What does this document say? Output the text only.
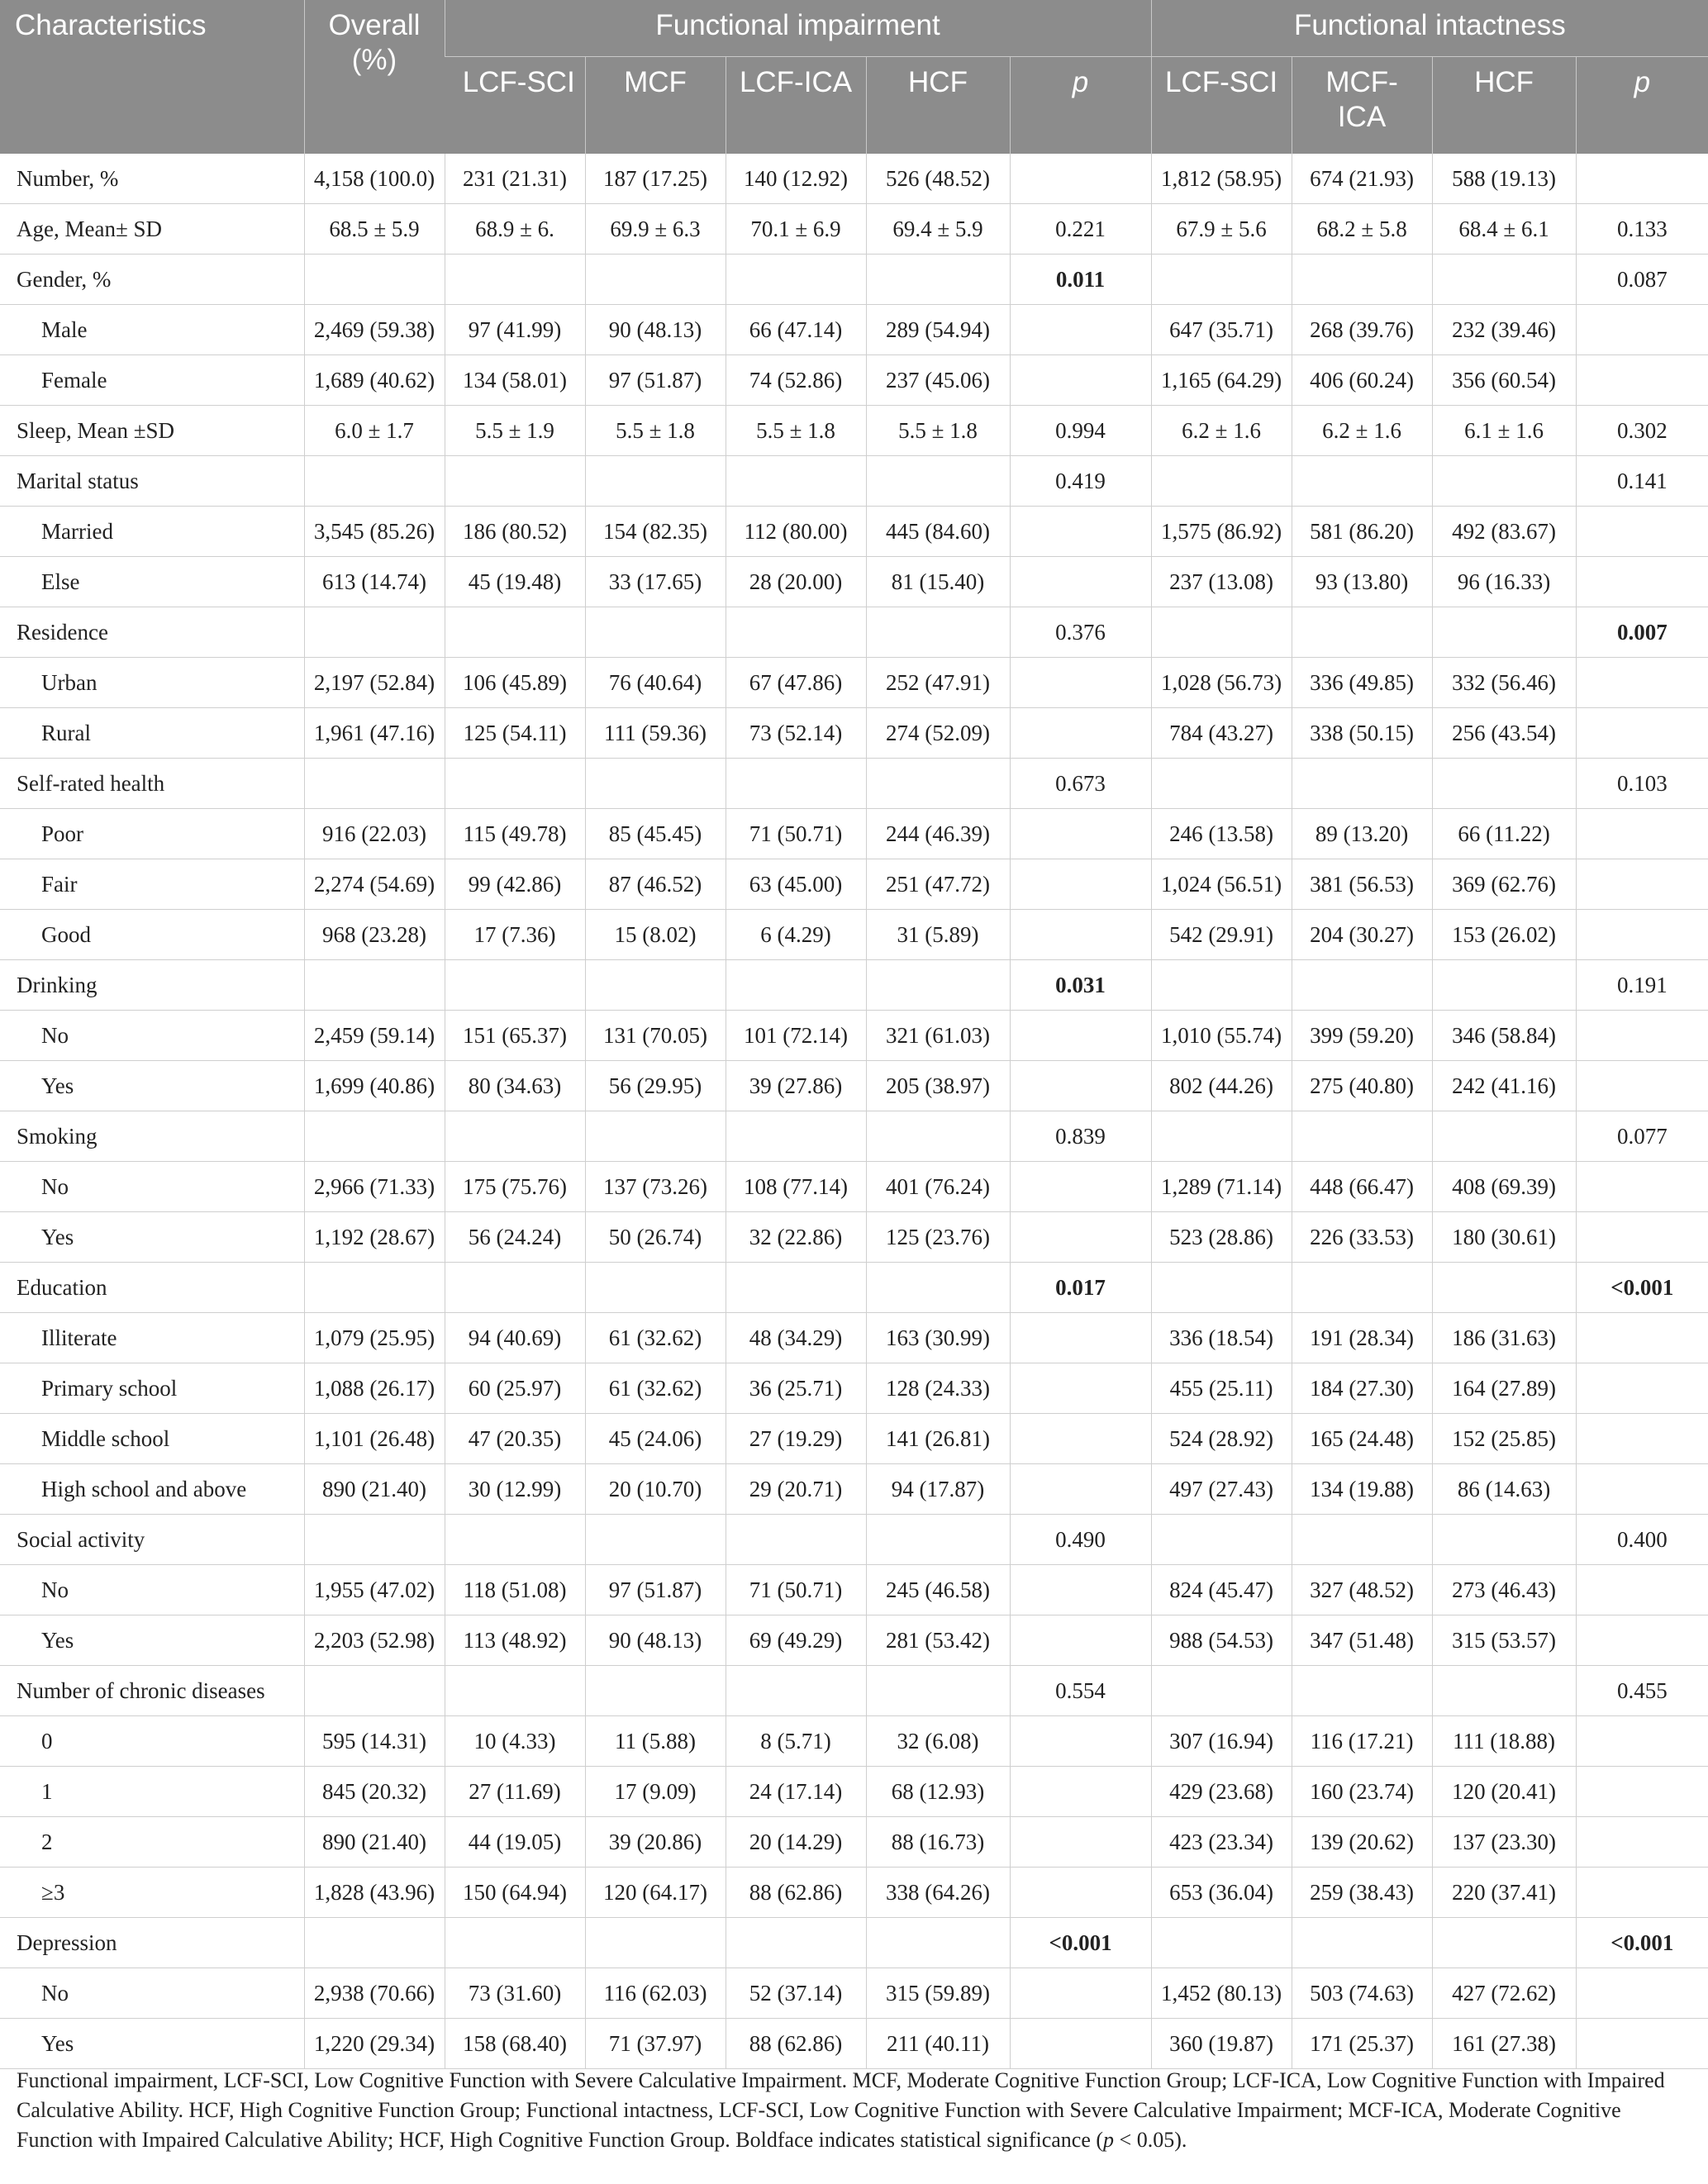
Characteristics	Overall (%)	Functional impairment					Functional intactness			
		LCF-SCI	MCF	LCF-ICA	HCF	p	LCF-SCI	MCF-ICA	HCF	p
Number, %	4,158 (100.0)	231 (21.31)	187 (17.25)	140 (12.92)	526 (48.52)		1,812 (58.95)	674 (21.93)	588 (19.13)	
Age, Mean± SD	68.5 ± 5.9	68.9 ± 6.	69.9 ± 6.3	70.1 ± 6.9	69.4 ± 5.9	0.221	67.9 ± 5.6	68.2 ± 5.8	68.4 ± 6.1	0.133
Gender, %						0.011				0.087
Male	2,469 (59.38)	97 (41.99)	90 (48.13)	66 (47.14)	289 (54.94)		647 (35.71)	268 (39.76)	232 (39.46)	
Female	1,689 (40.62)	134 (58.01)	97 (51.87)	74 (52.86)	237 (45.06)		1,165 (64.29)	406 (60.24)	356 (60.54)	
Sleep, Mean ±SD	6.0 ± 1.7	5.5 ± 1.9	5.5 ± 1.8	5.5 ± 1.8	5.5 ± 1.8	0.994	6.2 ± 1.6	6.2 ± 1.6	6.1 ± 1.6	0.302
Marital status						0.419				0.141
Married	3,545 (85.26)	186 (80.52)	154 (82.35)	112 (80.00)	445 (84.60)		1,575 (86.92)	581 (86.20)	492 (83.67)	
Else	613 (14.74)	45 (19.48)	33 (17.65)	28 (20.00)	81 (15.40)		237 (13.08)	93 (13.80)	96 (16.33)	
Residence						0.376				0.007
Urban	2,197 (52.84)	106 (45.89)	76 (40.64)	67 (47.86)	252 (47.91)		1,028 (56.73)	336 (49.85)	332 (56.46)	
Rural	1,961 (47.16)	125 (54.11)	111 (59.36)	73 (52.14)	274 (52.09)		784 (43.27)	338 (50.15)	256 (43.54)	
Self-rated health						0.673				0.103
Poor	916 (22.03)	115 (49.78)	85 (45.45)	71 (50.71)	244 (46.39)		246 (13.58)	89 (13.20)	66 (11.22)	
Fair	2,274 (54.69)	99 (42.86)	87 (46.52)	63 (45.00)	251 (47.72)		1,024 (56.51)	381 (56.53)	369 (62.76)	
Good	968 (23.28)	17 (7.36)	15 (8.02)	6 (4.29)	31 (5.89)		542 (29.91)	204 (30.27)	153 (26.02)	
Drinking						0.031				0.191
No	2,459 (59.14)	151 (65.37)	131 (70.05)	101 (72.14)	321 (61.03)		1,010 (55.74)	399 (59.20)	346 (58.84)	
Yes	1,699 (40.86)	80 (34.63)	56 (29.95)	39 (27.86)	205 (38.97)		802 (44.26)	275 (40.80)	242 (41.16)	
Smoking						0.839				0.077
No	2,966 (71.33)	175 (75.76)	137 (73.26)	108 (77.14)	401 (76.24)		1,289 (71.14)	448 (66.47)	408 (69.39)	
Yes	1,192 (28.67)	56 (24.24)	50 (26.74)	32 (22.86)	125 (23.76)		523 (28.86)	226 (33.53)	180 (30.61)	
Education						0.017				<0.001
Illiterate	1,079 (25.95)	94 (40.69)	61 (32.62)	48 (34.29)	163 (30.99)		336 (18.54)	191 (28.34)	186 (31.63)	
Primary school	1,088 (26.17)	60 (25.97)	61 (32.62)	36 (25.71)	128 (24.33)		455 (25.11)	184 (27.30)	164 (27.89)	
Middle school	1,101 (26.48)	47 (20.35)	45 (24.06)	27 (19.29)	141 (26.81)		524 (28.92)	165 (24.48)	152 (25.85)	
High school and above	890 (21.40)	30 (12.99)	20 (10.70)	29 (20.71)	94 (17.87)		497 (27.43)	134 (19.88)	86 (14.63)	
Social activity						0.490				0.400
No	1,955 (47.02)	118 (51.08)	97 (51.87)	71 (50.71)	245 (46.58)		824 (45.47)	327 (48.52)	273 (46.43)	
Yes	2,203 (52.98)	113 (48.92)	90 (48.13)	69 (49.29)	281 (53.42)		988 (54.53)	347 (51.48)	315 (53.57)	
Number of chronic diseases						0.554				0.455
0	595 (14.31)	10 (4.33)	11 (5.88)	8 (5.71)	32 (6.08)		307 (16.94)	116 (17.21)	111 (18.88)	
1	845 (20.32)	27 (11.69)	17 (9.09)	24 (17.14)	68 (12.93)		429 (23.68)	160 (23.74)	120 (20.41)	
2	890 (21.40)	44 (19.05)	39 (20.86)	20 (14.29)	88 (16.73)		423 (23.34)	139 (20.62)	137 (23.30)	
≥3	1,828 (43.96)	150 (64.94)	120 (64.17)	88 (62.86)	338 (64.26)		653 (36.04)	259 (38.43)	220 (37.41)	
Depression						<0.001				<0.001
No	2,938 (70.66)	73 (31.60)	116 (62.03)	52 (37.14)	315 (59.89)		1,452 (80.13)	503 (74.63)	427 (72.62)	
Yes	1,220 (29.34)	158 (68.40)	71 (37.97)	88 (62.86)	211 (40.11)		360 (19.87)	171 (25.37)	161 (27.38)	
Functional impairment, LCF-SCI, Low Cognitive Function with Severe Calculative Impairment. MCF, Moderate Cognitive Function Group; LCF-ICA, Low Cognitive Function with Impaired Calculative Ability. HCF, High Cognitive Function Group; Functional intactness, LCF-SCI, Low Cognitive Function with Severe Calculative Impairment; MCF-ICA, Moderate Cognitive Function with Impaired Calculative Ability; HCF, High Cognitive Function Group. Boldface indicates statistical significance (p < 0.05).
